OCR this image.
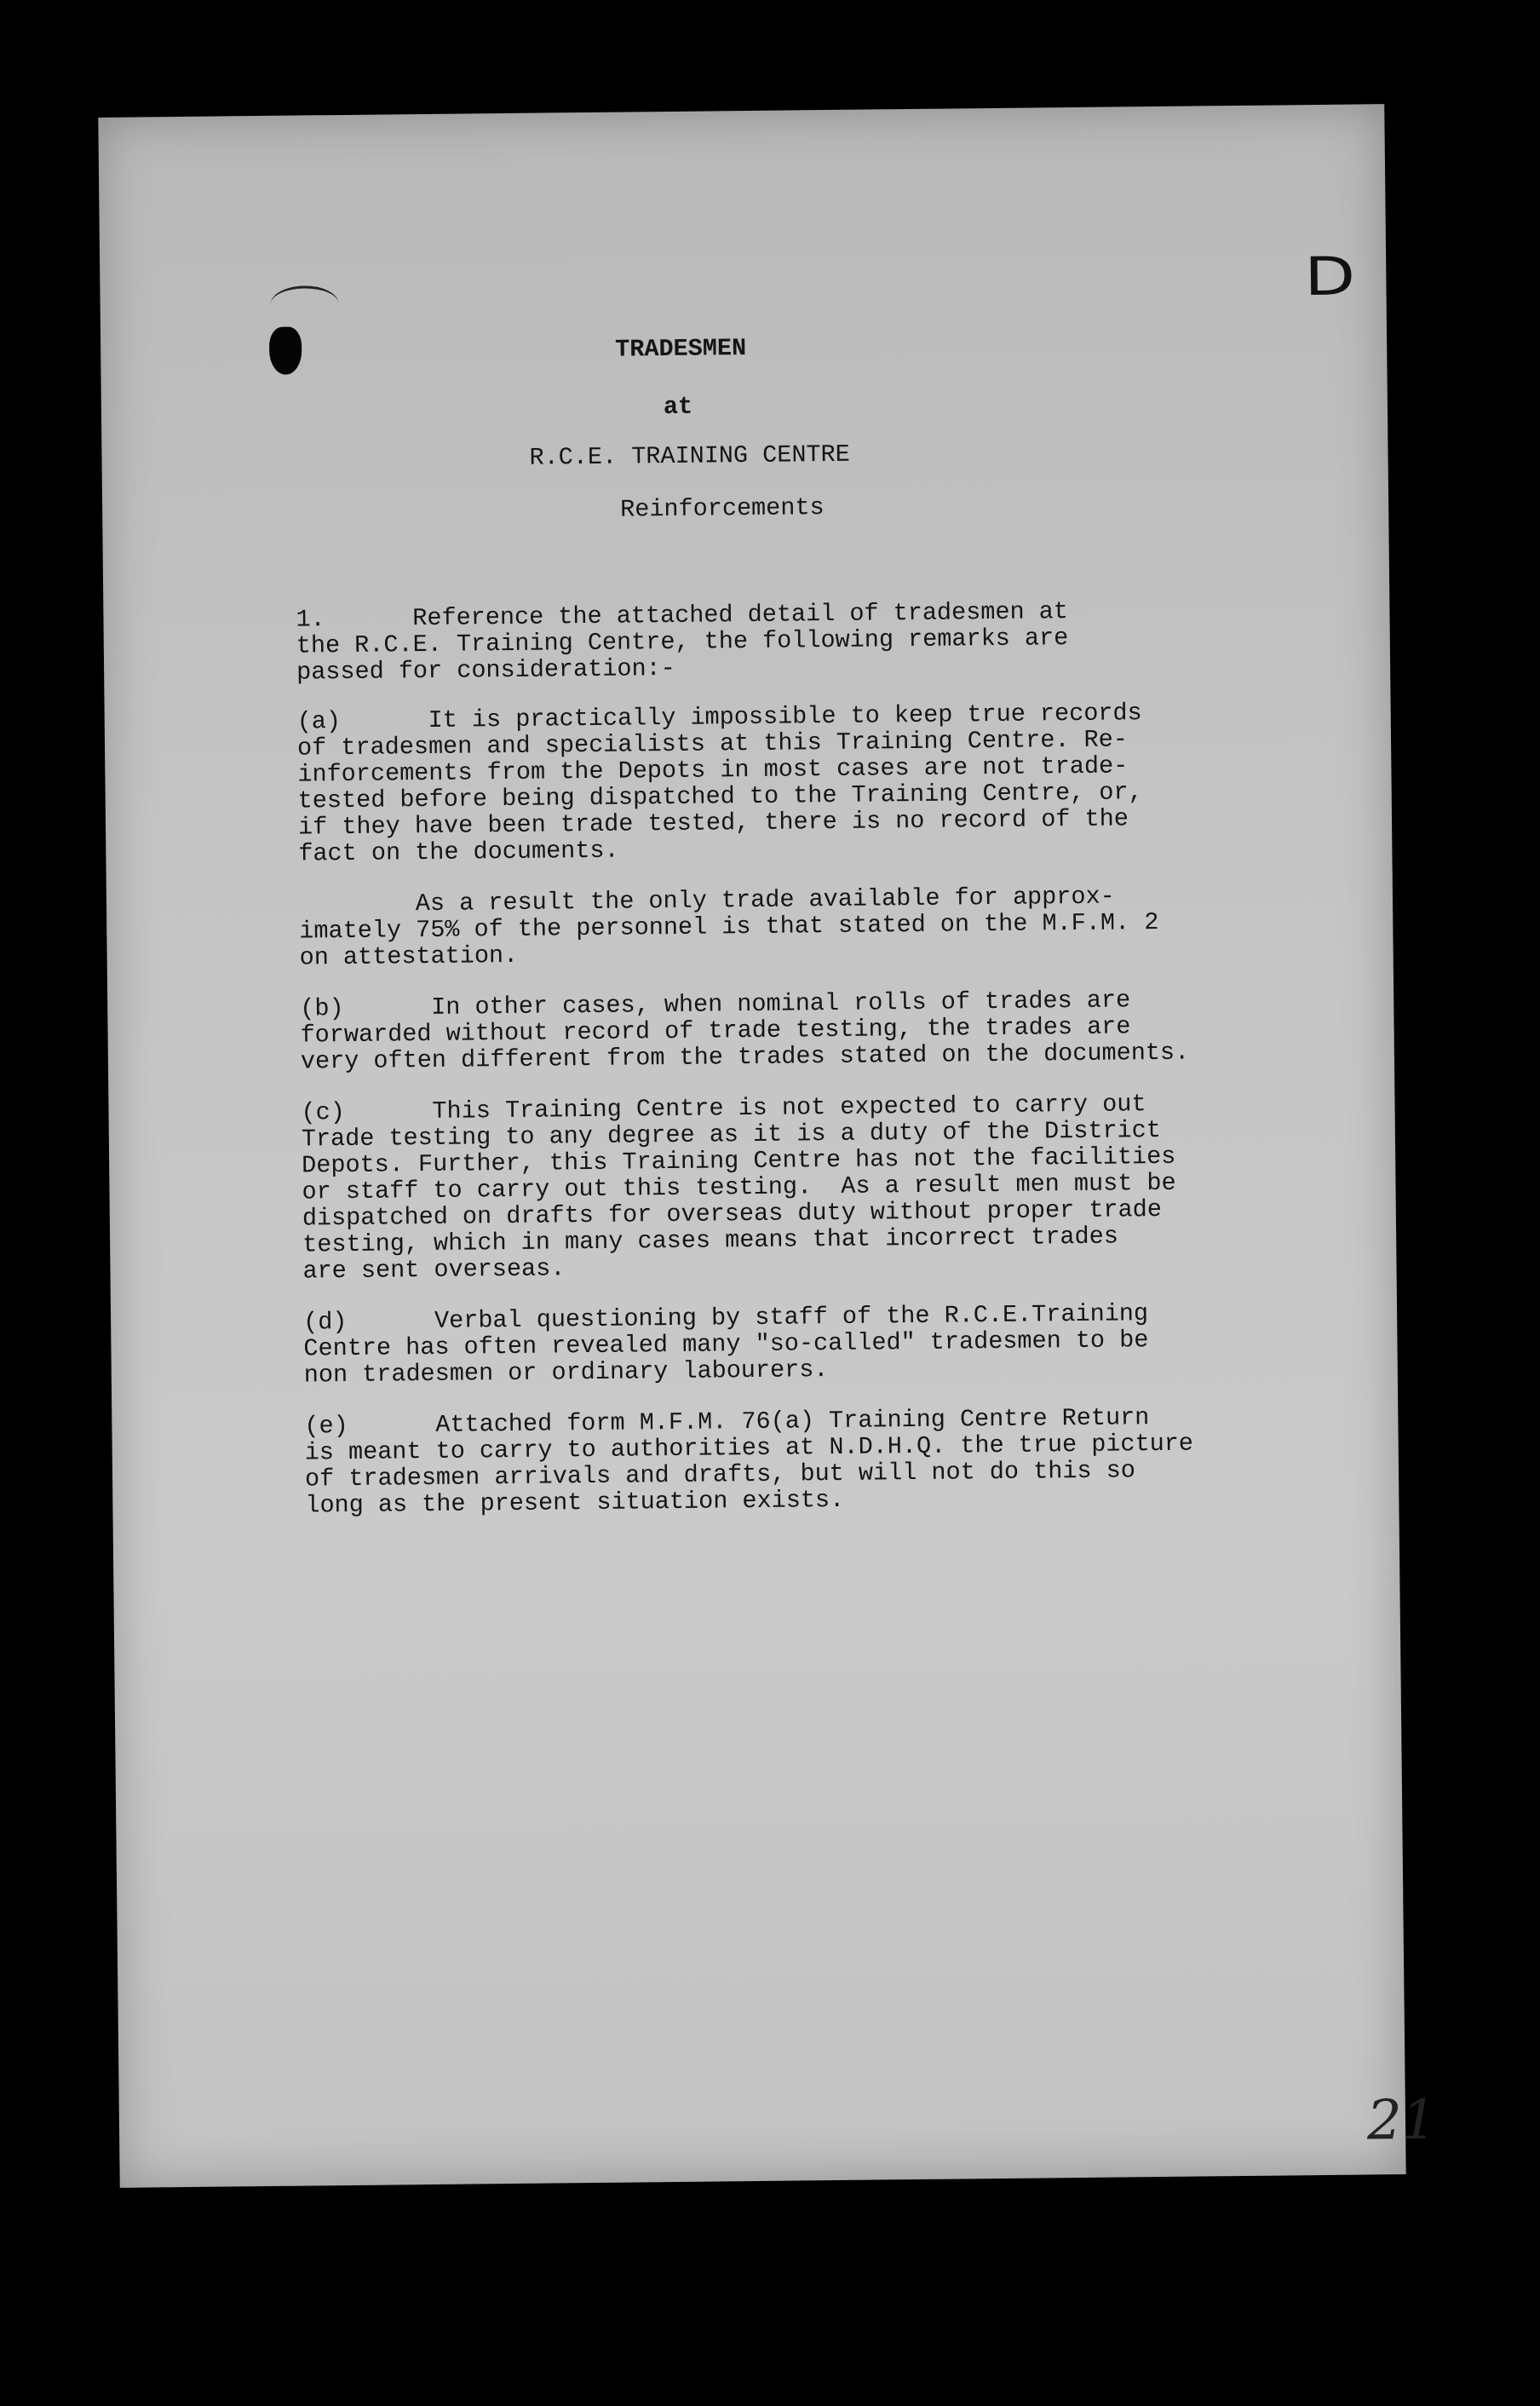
D
TRADESMEN
at
R.C.E. TRAINING CENTRE
Reinforcements
1.      Reference the attached detail of tradesmen at
the R.C.E. Training Centre, the following remarks are
passed for consideration:-
(a)      It is practically impossible to keep true records
of tradesmen and specialists at this Training Centre. Re-
inforcements from the Depots in most cases are not trade-
tested before being dispatched to the Training Centre, or,
if they have been trade tested, there is no record of the
fact on the documents.
As a result the only trade available for approx-
imately 75% of the personnel is that stated on the M.F.M. 2
on attestation.
(b)      In other cases, when nominal rolls of trades are
forwarded without record of trade testing, the trades are
very often different from the trades stated on the documents.
(c)      This Training Centre is not expected to carry out
Trade testing to any degree as it is a duty of the District
Depots. Further, this Training Centre has not the facilities
or staff to carry out this testing.  As a result men must be
dispatched on drafts for overseas duty without proper trade
testing, which in many cases means that incorrect trades
are sent overseas.
(d)      Verbal questioning by staff of the R.C.E.Training
Centre has often revealed many "so-called" tradesmen to be
non tradesmen or ordinary labourers.
(e)      Attached form M.F.M. 76(a) Training Centre Return
is meant to carry to authorities at N.D.H.Q. the true picture
of tradesmen arrivals and drafts, but will not do this so
long as the present situation exists.
21
